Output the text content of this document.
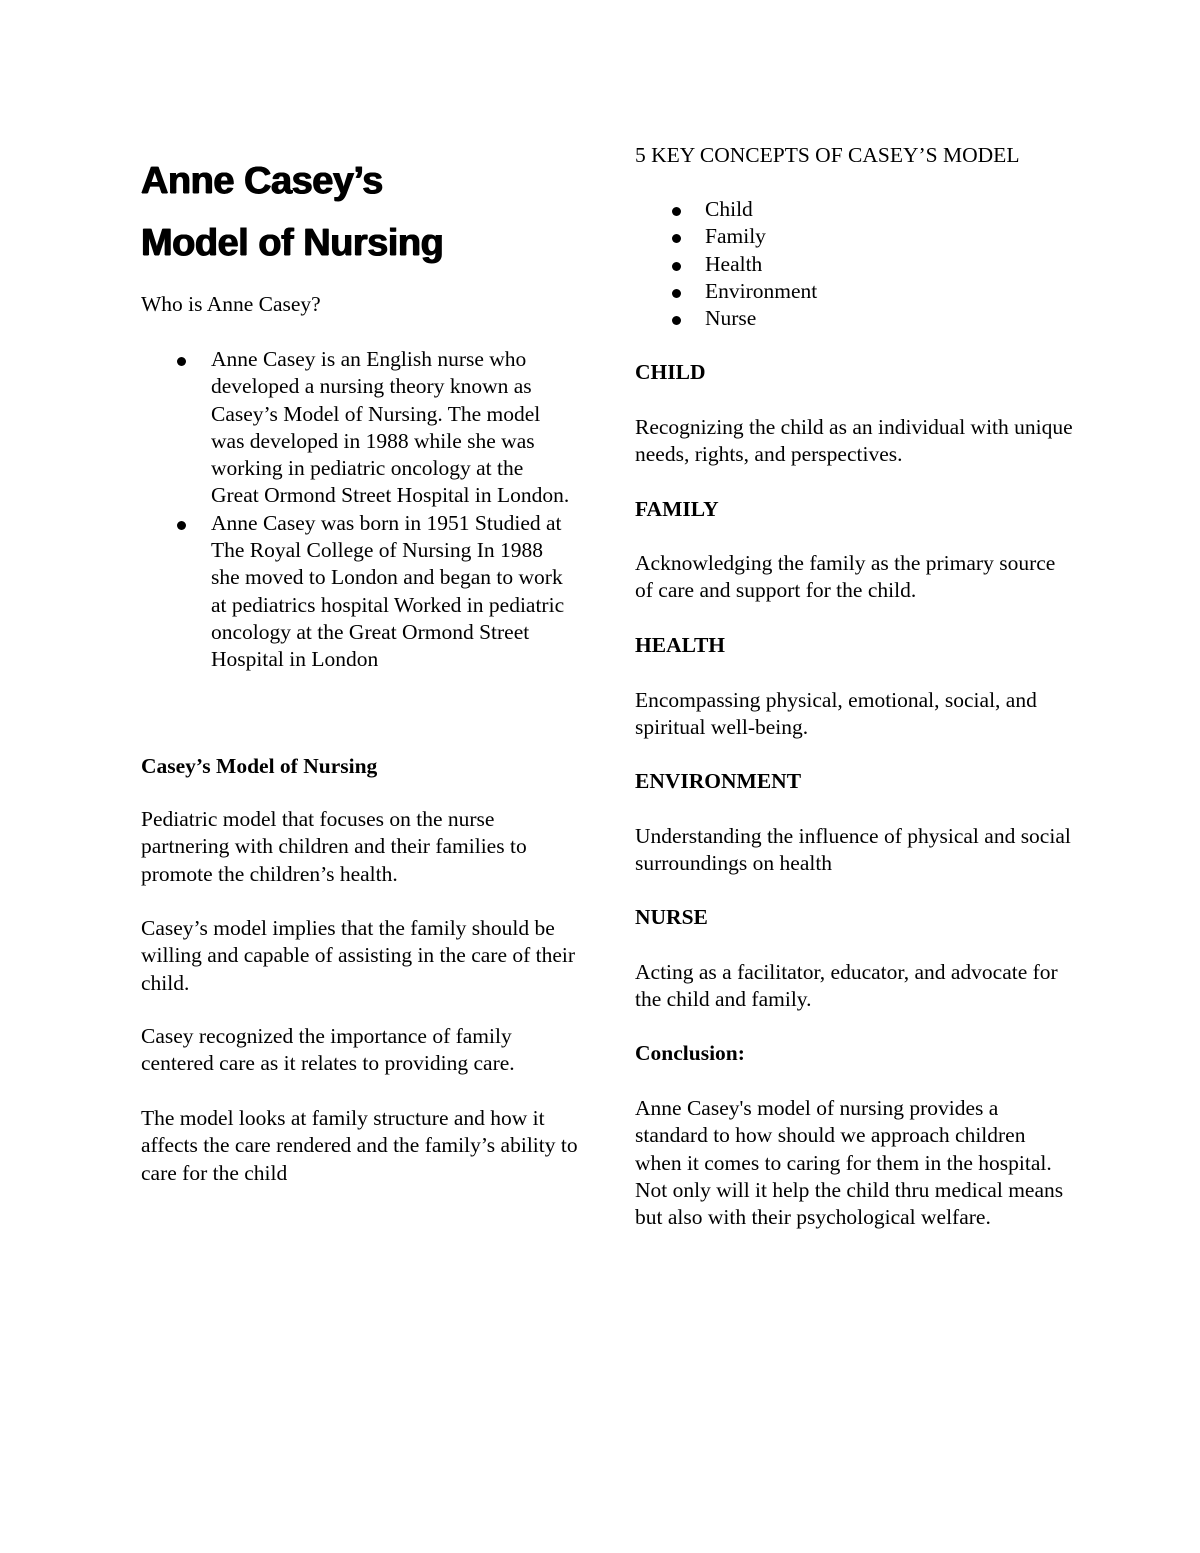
Anne Casey’s
Model of Nursing

Who is Anne Casey?

Anne Casey is an English nurse who developed a nursing theory known as Casey’s Model of Nursing. The model was developed in 1988 while she was working in pediatric oncology at the Great Ormond Street Hospital in London.
Anne Casey was born in 1951 Studied at The Royal College of Nursing In 1988 she moved to London and began to work at pediatrics hospital Worked in pediatric oncology at the Great Ormond Street Hospital in London

Casey’s Model of Nursing

Pediatric model that focuses on the nurse partnering with children and their families to promote the children’s health.

Casey’s model implies that the family should be willing and capable of assisting in the care of their child.

Casey recognized the importance of family centered care as it relates to providing care.

The model looks at family structure and how it affects the care rendered and the family’s ability to care for the child

5 KEY CONCEPTS OF CASEY’S MODEL

Child
Family
Health
Environment
Nurse

CHILD

Recognizing the child as an individual with unique needs, rights, and perspectives.

FAMILY

Acknowledging the family as the primary source of care and support for the child.

HEALTH

Encompassing physical, emotional, social, and spiritual well-being.

ENVIRONMENT

Understanding the influence of physical and social surroundings on health

NURSE

Acting as a facilitator, educator, and advocate for the child and family.

Conclusion:

Anne Casey's model of nursing provides a standard to how should we approach children when it comes to caring for them in the hospital. Not only will it help the child thru medical means but also with their psychological welfare.
